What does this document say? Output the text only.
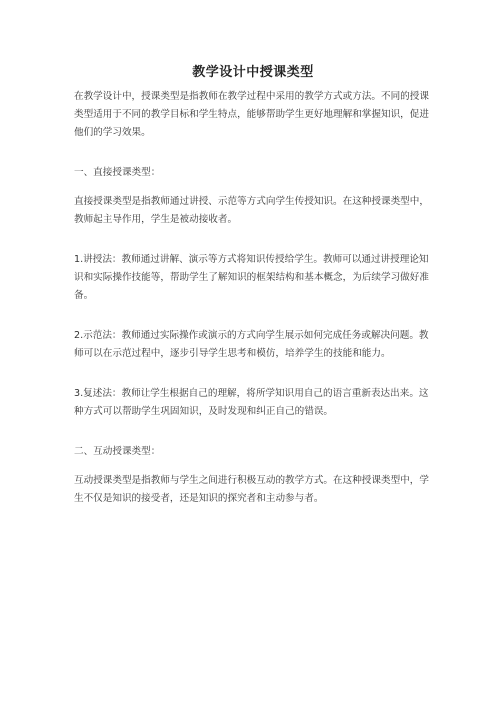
教学设计中授课类型

在教学设计中，授课类型是指教师在教学过程中采用的教学方式或方法。不同的授课类型适用于不同的教学目标和学生特点，能够帮助学生更好地理解和掌握知识，促进他们的学习效果。

一、直接授课类型：

直接授课类型是指教师通过讲授、示范等方式向学生传授知识。在这种授课类型中，教师起主导作用，学生是被动接收者。

1.讲授法：教师通过讲解、演示等方式将知识传授给学生。教师可以通过讲授理论知识和实际操作技能等，帮助学生了解知识的框架结构和基本概念，为后续学习做好准备。

2.示范法：教师通过实际操作或演示的方式向学生展示如何完成任务或解决问题。教师可以在示范过程中，逐步引导学生思考和模仿，培养学生的技能和能力。

3.复述法：教师让学生根据自己的理解，将所学知识用自己的语言重新表达出来。这种方式可以帮助学生巩固知识，及时发现和纠正自己的错误。

二、互动授课类型：

互动授课类型是指教师与学生之间进行积极互动的教学方式。在这种授课类型中，学生不仅是知识的接受者，还是知识的探究者和主动参与者。
